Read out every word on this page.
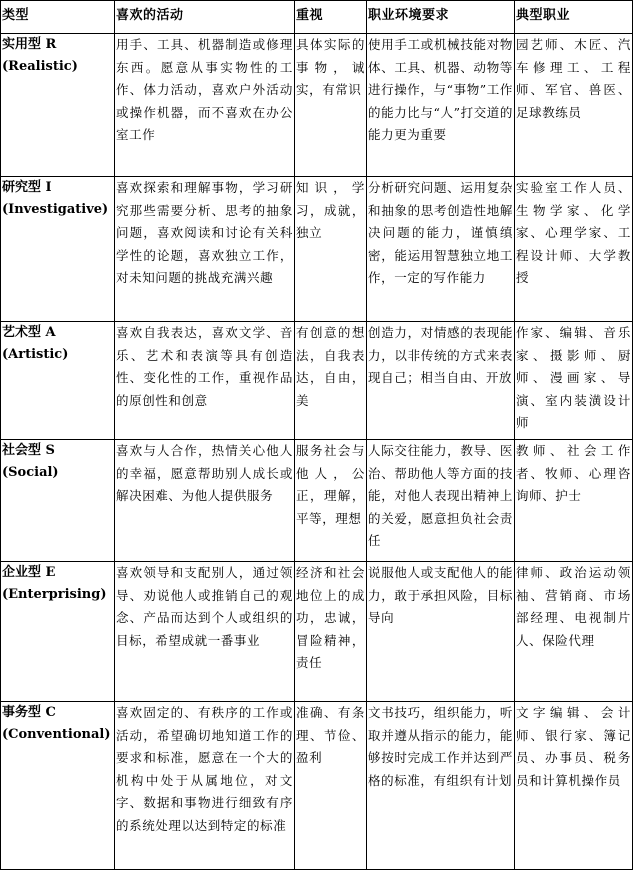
类型	喜欢的活动	重视	职业环境要求	典型职业

实用型 R
(Realistic)	用手、工具、机器制造或修理东西。愿意从事实物性的工作、体力活动，喜欢户外活动或操作机器，而不喜欢在办公室工作	具体实际的事物，诚实，有常识	使用手工或机械技能对物体、工具、机器、动物等进行操作，与“事物”工作的能力比与“人”打交道的能力更为重要	园艺师、木匠、汽车修理工、工程师、军官、兽医、足球教练员

研究型 I
(Investigative)	喜欢探索和理解事物，学习研究那些需要分析、思考的抽象问题，喜欢阅读和讨论有关科学性的论题，喜欢独立工作，对未知问题的挑战充满兴趣	知识，学习，成就，独立	分析研究问题、运用复杂和抽象的思考创造性地解决问题的能力，谨慎缜密，能运用智慧独立地工作，一定的写作能力	实验室工作人员、生物学家、化学家、心理学家、工程设计师、大学教授

艺术型 A
(Artistic)	喜欢自我表达，喜欢文学、音乐、艺术和表演等具有创造性、变化性的工作，重视作品的原创性和创意	有创意的想法，自我表达，自由，美	创造力，对情感的表现能力，以非传统的方式来表现自己；相当自由、开放	作家、编辑、音乐家、摄影师、厨师、漫画家、导演、室内装潢设计师

社会型 S
(Social)	喜欢与人合作，热情关心他人的幸福，愿意帮助别人成长或解决困难、为他人提供服务	服务社会与他人，公正，理解，平等，理想	人际交往能力，教导、医治、帮助他人等方面的技能，对他人表现出精神上的关爱，愿意担负社会责任	教师、社会工作者、牧师、心理咨询师、护士

企业型 E
(Enterprising)	喜欢领导和支配别人，通过领导、劝说他人或推销自己的观念、产品而达到个人或组织的目标，希望成就一番事业	经济和社会地位上的成功，忠诚，冒险精神，责任	说服他人或支配他人的能力，敢于承担风险，目标导向	律师、政治运动领袖、营销商、市场部经理、电视制片人、保险代理

事务型 C
(Conventional)	喜欢固定的、有秩序的工作或活动，希望确切地知道工作的要求和标准，愿意在一个大的机构中处于从属地位，对文字、数据和事物进行细致有序的系统处理以达到特定的标准	准确、有条理、节俭、盈利	文书技巧，组织能力，听取并遵从指示的能力，能够按时完成工作并达到严格的标准，有组织有计划	文字编辑、会计师、银行家、簿记员、办事员、税务员和计算机操作员
